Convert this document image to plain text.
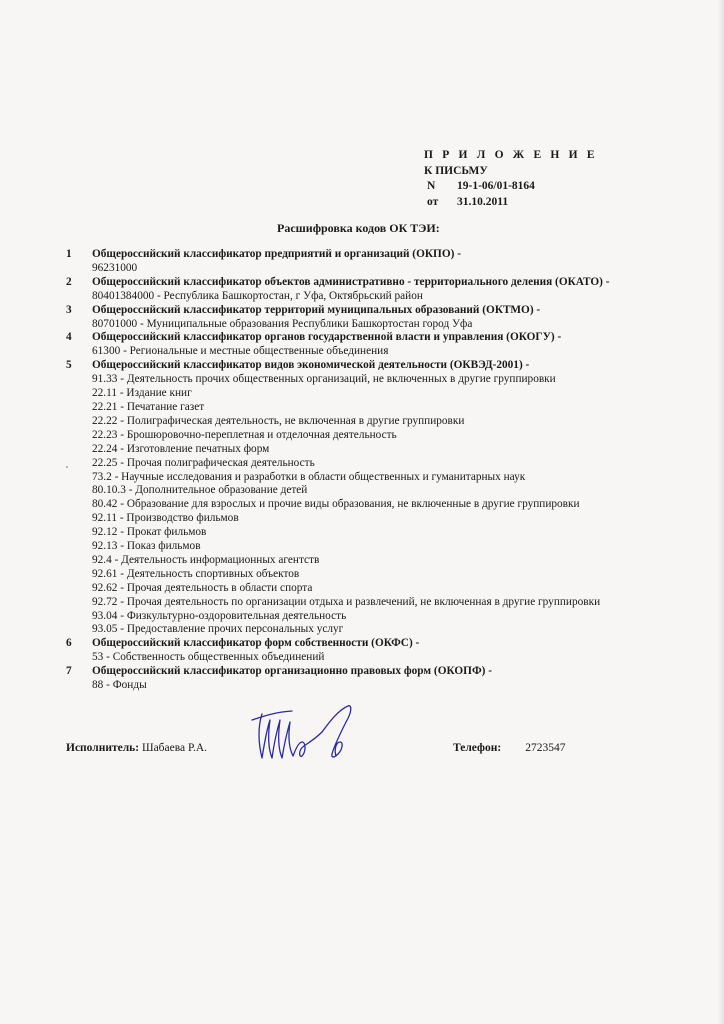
П Р И Л О Ж Е Н И Е
К ПИСЬМУ
N 19-1-06/01-8164
от 31.10.2011
Расшифровка кодов ОК ТЭИ:
1	Общероссийский классификатор предприятий и организаций (ОКПО) -
96231000
2	Общероссийский классификатор объектов административно - территориального деления (ОКАТО) -
80401384000 - Республика Башкортостан, г Уфа, Октябрьский район
3	Общероссийский классификатор территорий муниципальных образований (ОКТМО) -
80701000 - Муниципальные образования Республики Башкортостан город Уфа
4	Общероссийский классификатор органов государственной власти и управления (ОКОГУ) -
61300 - Региональные и местные общественные объединения
5	Общероссийский классификатор видов экономической деятельности (ОКВЭД-2001) -
91.33 - Деятельность прочих общественных организаций, не включенных в другие группировки
22.11 - Издание книг
22.21 - Печатание газет
22.22 - Полиграфическая деятельность, не включенная в другие группировки
22.23 - Брошюровочно-переплетная и отделочная деятельность
22.24 - Изготовление печатных форм
22.25 - Прочая полиграфическая деятельность
73.2 - Научные исследования и разработки в области общественных и гуманитарных наук
80.10.3 - Дополнительное образование детей
80.42 - Образование для взрослых и прочие виды образования, не включенные в другие группировки
92.11 - Производство фильмов
92.12 - Прокат фильмов
92.13 - Показ фильмов
92.4 - Деятельность информационных агентств
92.61 - Деятельность спортивных объектов
92.62 - Прочая деятельность в области спорта
92.72 - Прочая деятельность по организации отдыха и развлечений, не включенная в другие группировки
93.04 - Физкультурно-оздоровительная деятельность
93.05 - Предоставление прочих персональных услуг
6	Общероссийский классификатор форм собственности (ОКФС) -
53 - Собственность общественных объединений
7	Общероссийский классификатор организационно правовых форм (ОКОПФ) -
88 - Фонды
Исполнитель: Шабаева Р.А.	Телефон: 2723547
